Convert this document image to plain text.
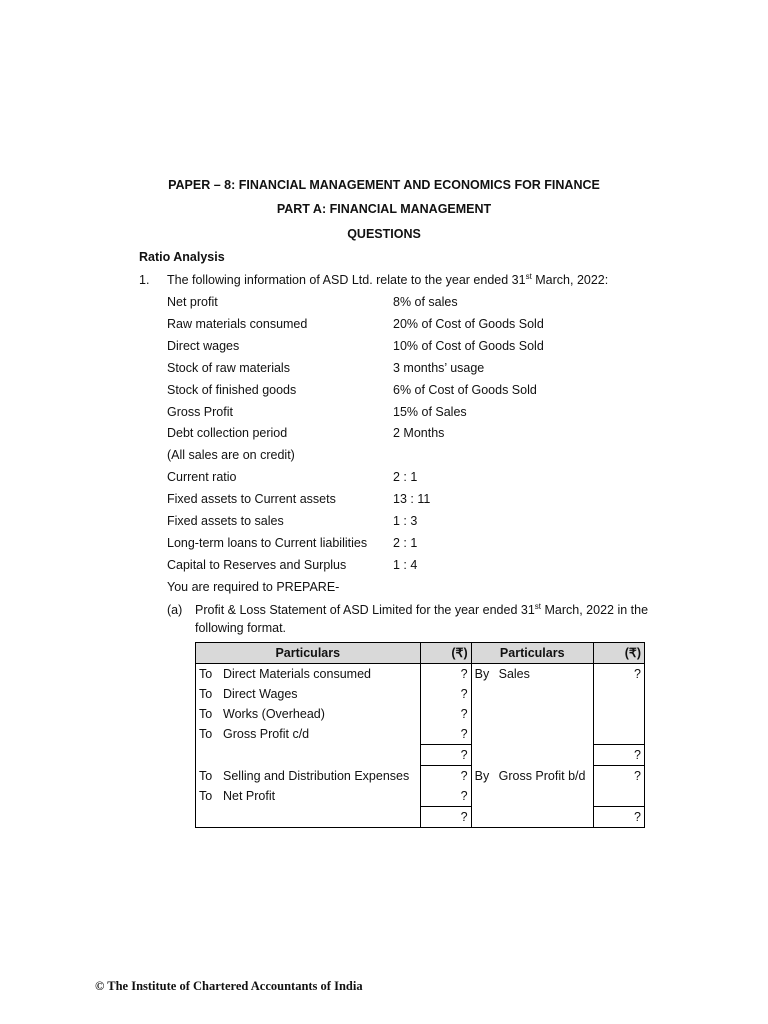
PAPER – 8: FINANCIAL MANAGEMENT AND ECONOMICS FOR FINANCE
PART A: FINANCIAL MANAGEMENT
QUESTIONS
Ratio Analysis
1. The following information of ASD Ltd. relate to the year ended 31st March, 2022:
Net profit	8% of sales
Raw materials consumed	20% of Cost of Goods Sold
Direct wages	10% of Cost of Goods Sold
Stock of raw materials	3 months’ usage
Stock of finished goods	6% of Cost of Goods Sold
Gross Profit	15% of Sales
Debt collection period	2 Months
(All sales are on credit)
Current ratio	2 : 1
Fixed assets to Current assets	13 : 11
Fixed assets to sales	1 : 3
Long-term loans to Current liabilities 2 : 1
Capital to Reserves and Surplus	1 : 4
You are required to PREPARE-
(a) Profit & Loss Statement of ASD Limited for the year ended 31st March, 2022 in the
following format.
Particulars	(₹)	Particulars	(₹)
To Direct Materials consumed	?	By Sales	?
To Direct Wages	?		
To Works (Overhead)	?		
To Gross Profit c/d	?		
	?		?
To Selling and Distribution Expenses	?	By Gross Profit b/d	?
To Net Profit	?		
	?		?
© The Institute of Chartered Accountants of India
